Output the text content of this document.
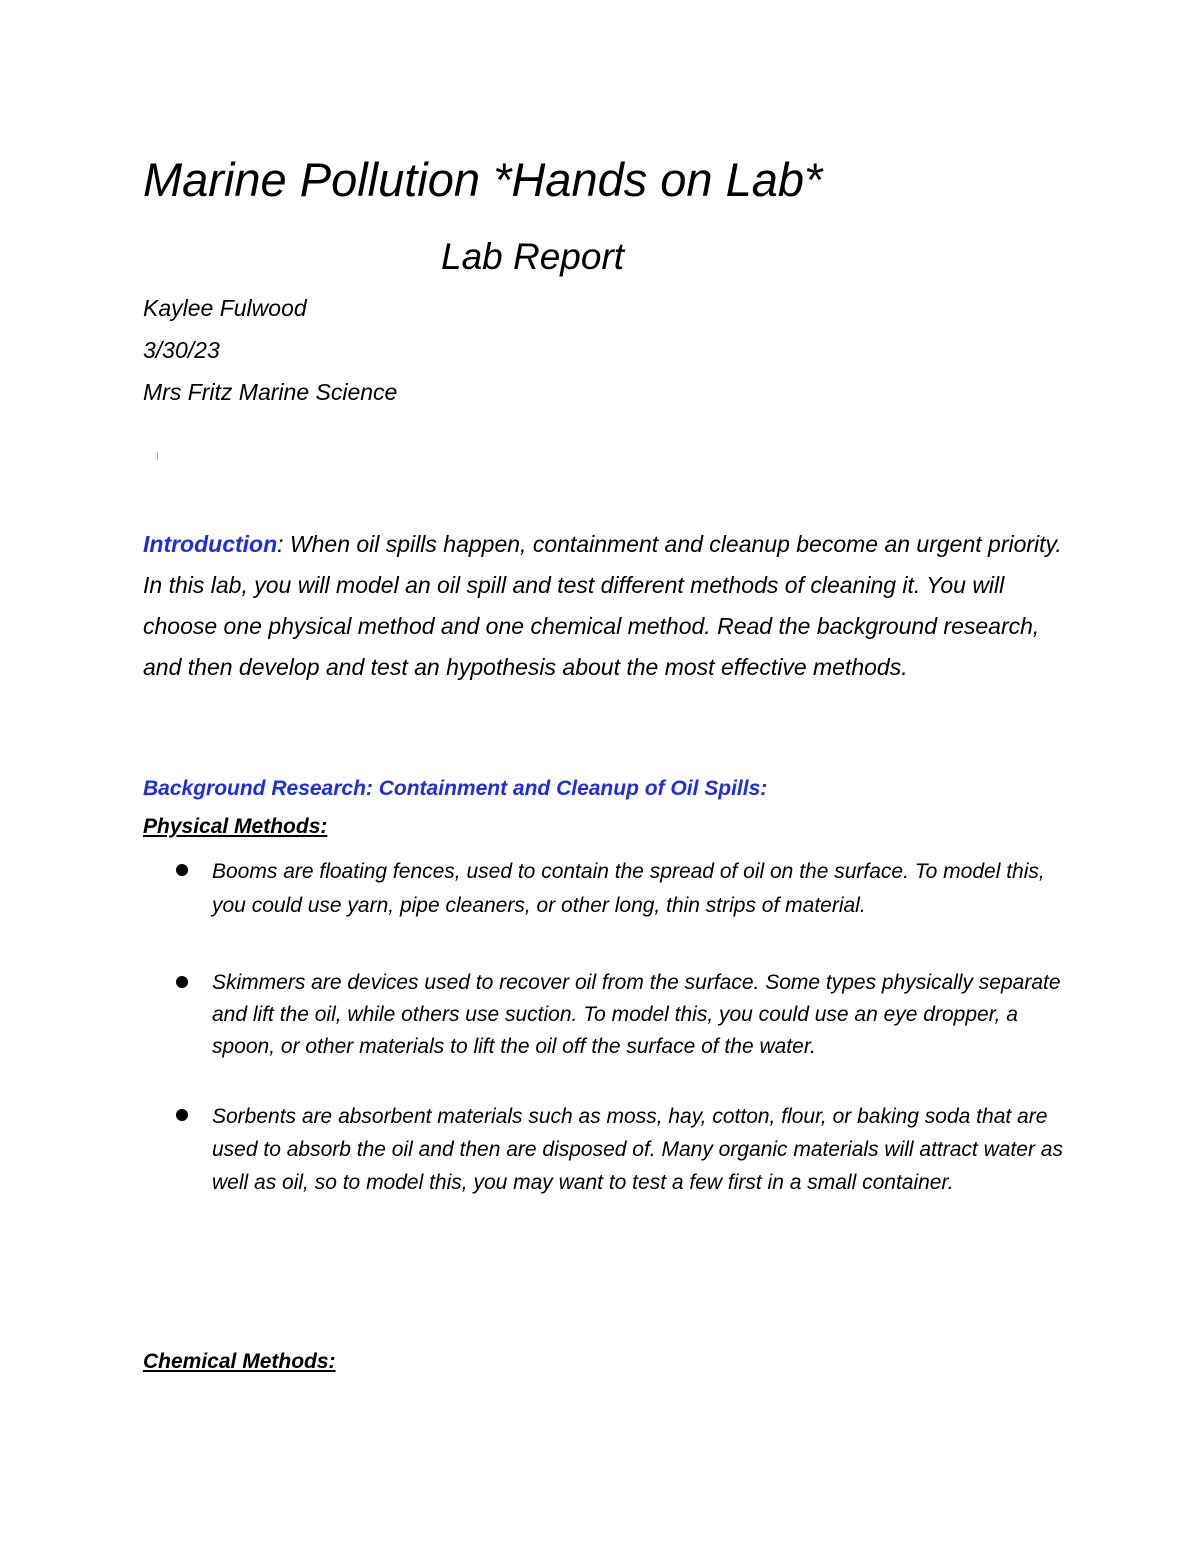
Marine Pollution *Hands on Lab*
Lab Report
Kaylee Fulwood
3/30/23
Mrs Fritz Marine Science
Introduction: When oil spills happen, containment and cleanup become an urgent priority. In this lab, you will model an oil spill and test different methods of cleaning it. You will choose one physical method and one chemical method. Read the background research, and then develop and test an hypothesis about the most effective methods.
Background Research: Containment and Cleanup of Oil Spills:
Physical Methods:
Booms are floating fences, used to contain the spread of oil on the surface. To model this, you could use yarn, pipe cleaners, or other long, thin strips of material.
Skimmers are devices used to recover oil from the surface. Some types physically separate and lift the oil, while others use suction. To model this, you could use an eye dropper, a spoon, or other materials to lift the oil off the surface of the water.
Sorbents are absorbent materials such as moss, hay, cotton, flour, or baking soda that are used to absorb the oil and then are disposed of. Many organic materials will attract water as well as oil, so to model this, you may want to test a few first in a small container.
Chemical Methods:
